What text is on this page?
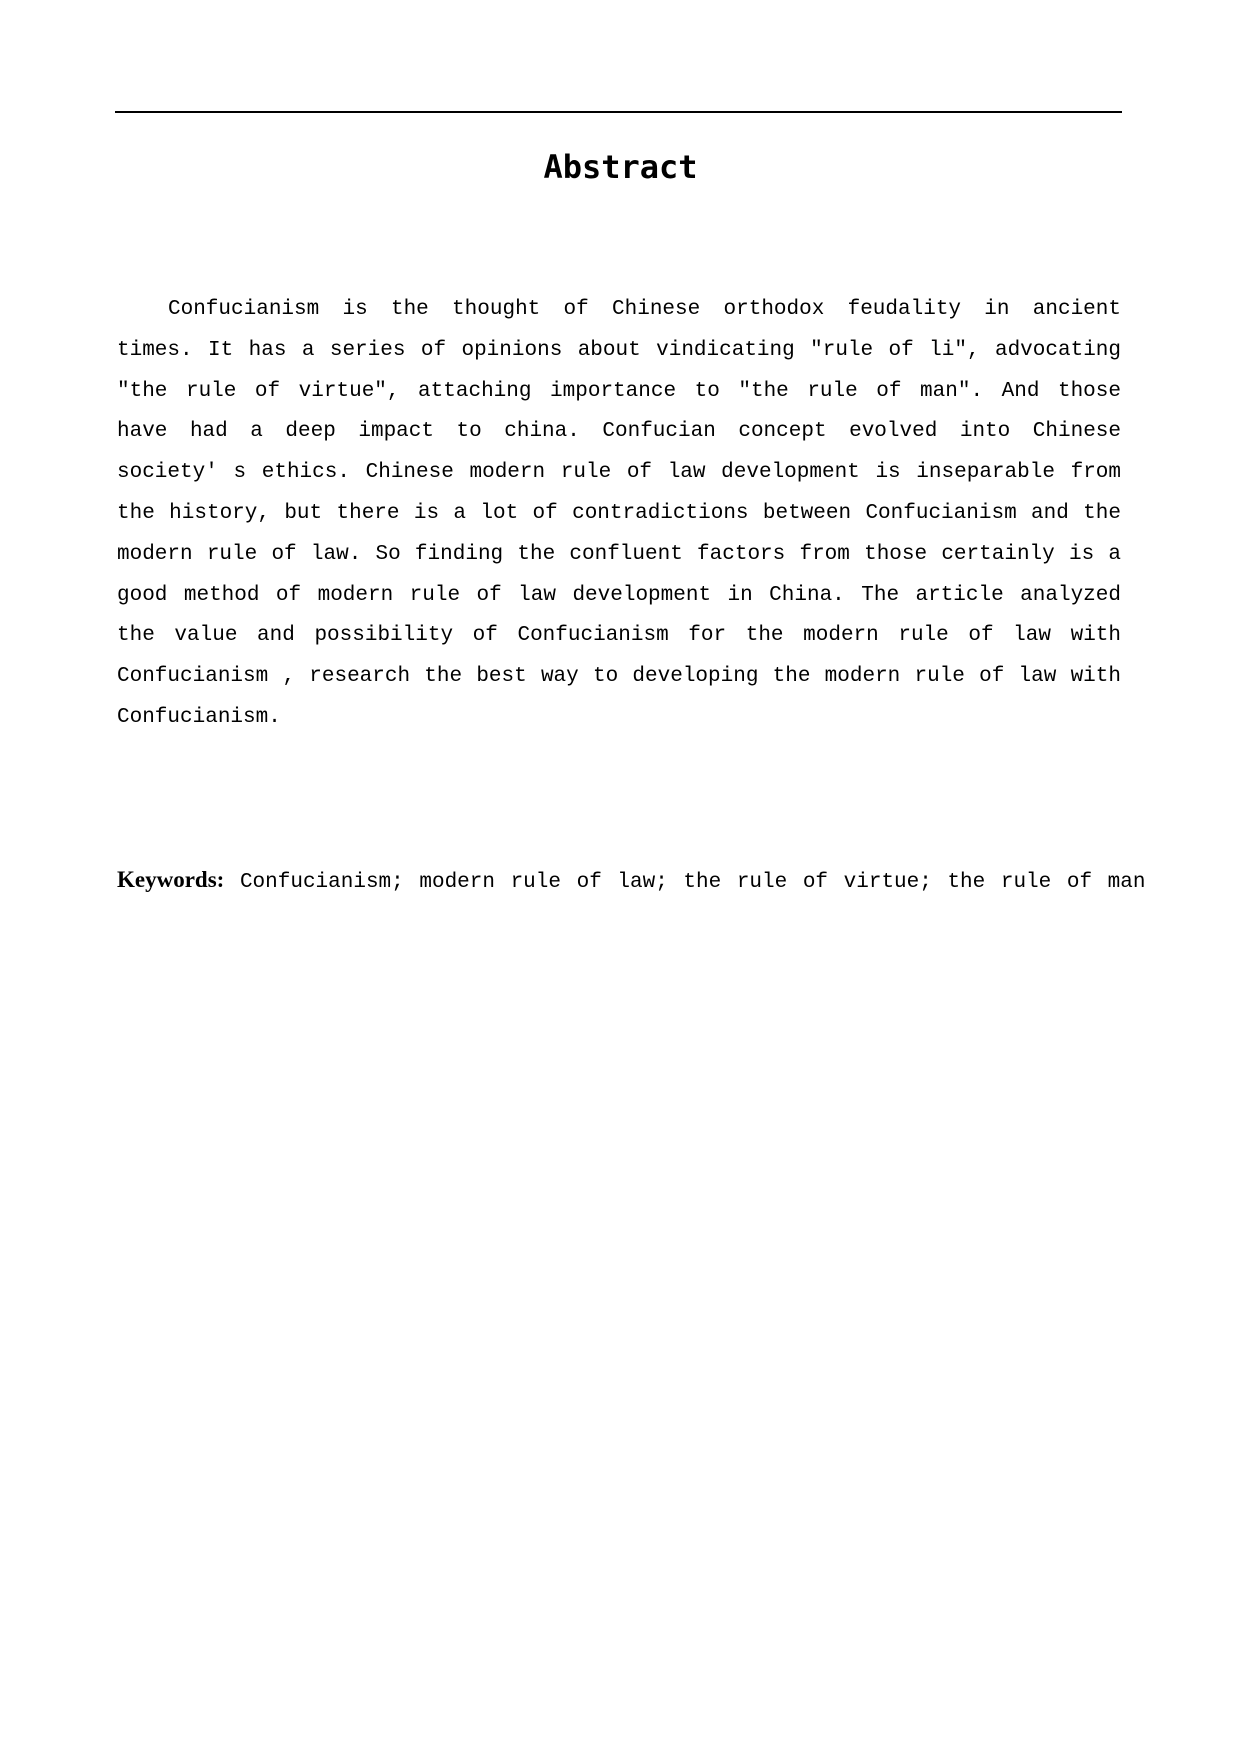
Abstract
Confucianism is the thought of Chinese orthodox feudality in ancient times. It has a series of opinions about vindicating "rule of li", advocating "the rule of virtue", attaching importance to "the rule of man". And those have had a deep impact to china. Confucian concept evolved into Chinese society′ s ethics. Chinese modern rule of law development is inseparable from the history, but there is a lot of contradictions between Confucianism and the modern rule of law. So finding the confluent factors from those certainly is a good method of modern rule of law development in China. The article analyzed the value and possibility of Confucianism for the modern rule of law with Confucianism , research the best way to developing the modern rule of law with Confucianism.
Keywords: Confucianism; modern rule of law; the rule of virtue; the rule of man
